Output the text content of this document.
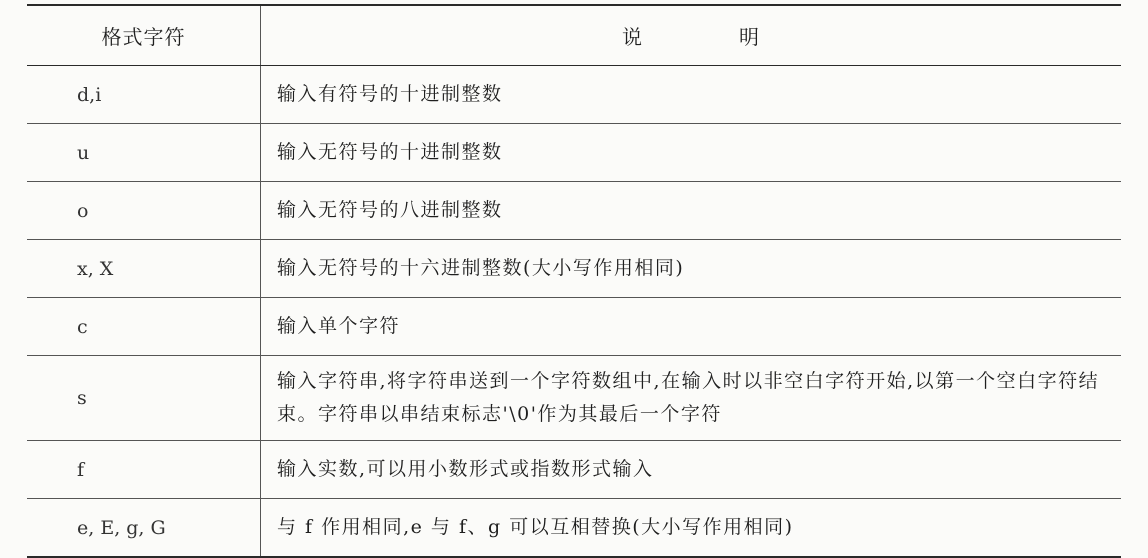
格式字符	说 明
d,i	输入有符号的十进制整数
u	输入无符号的十进制整数
o	输入无符号的八进制整数
x, X	输入无符号的十六进制整数(大小写作用相同)
c	输入单个字符
s	输入字符串,将字符串送到一个字符数组中,在输入时以非空白字符开始,以第一个空白字符结束。字符串以串结束标志'\0'作为其最后一个字符
f	输入实数,可以用小数形式或指数形式输入
e, E, g, G	与 f 作用相同,e 与 f、g 可以互相替换(大小写作用相同)
